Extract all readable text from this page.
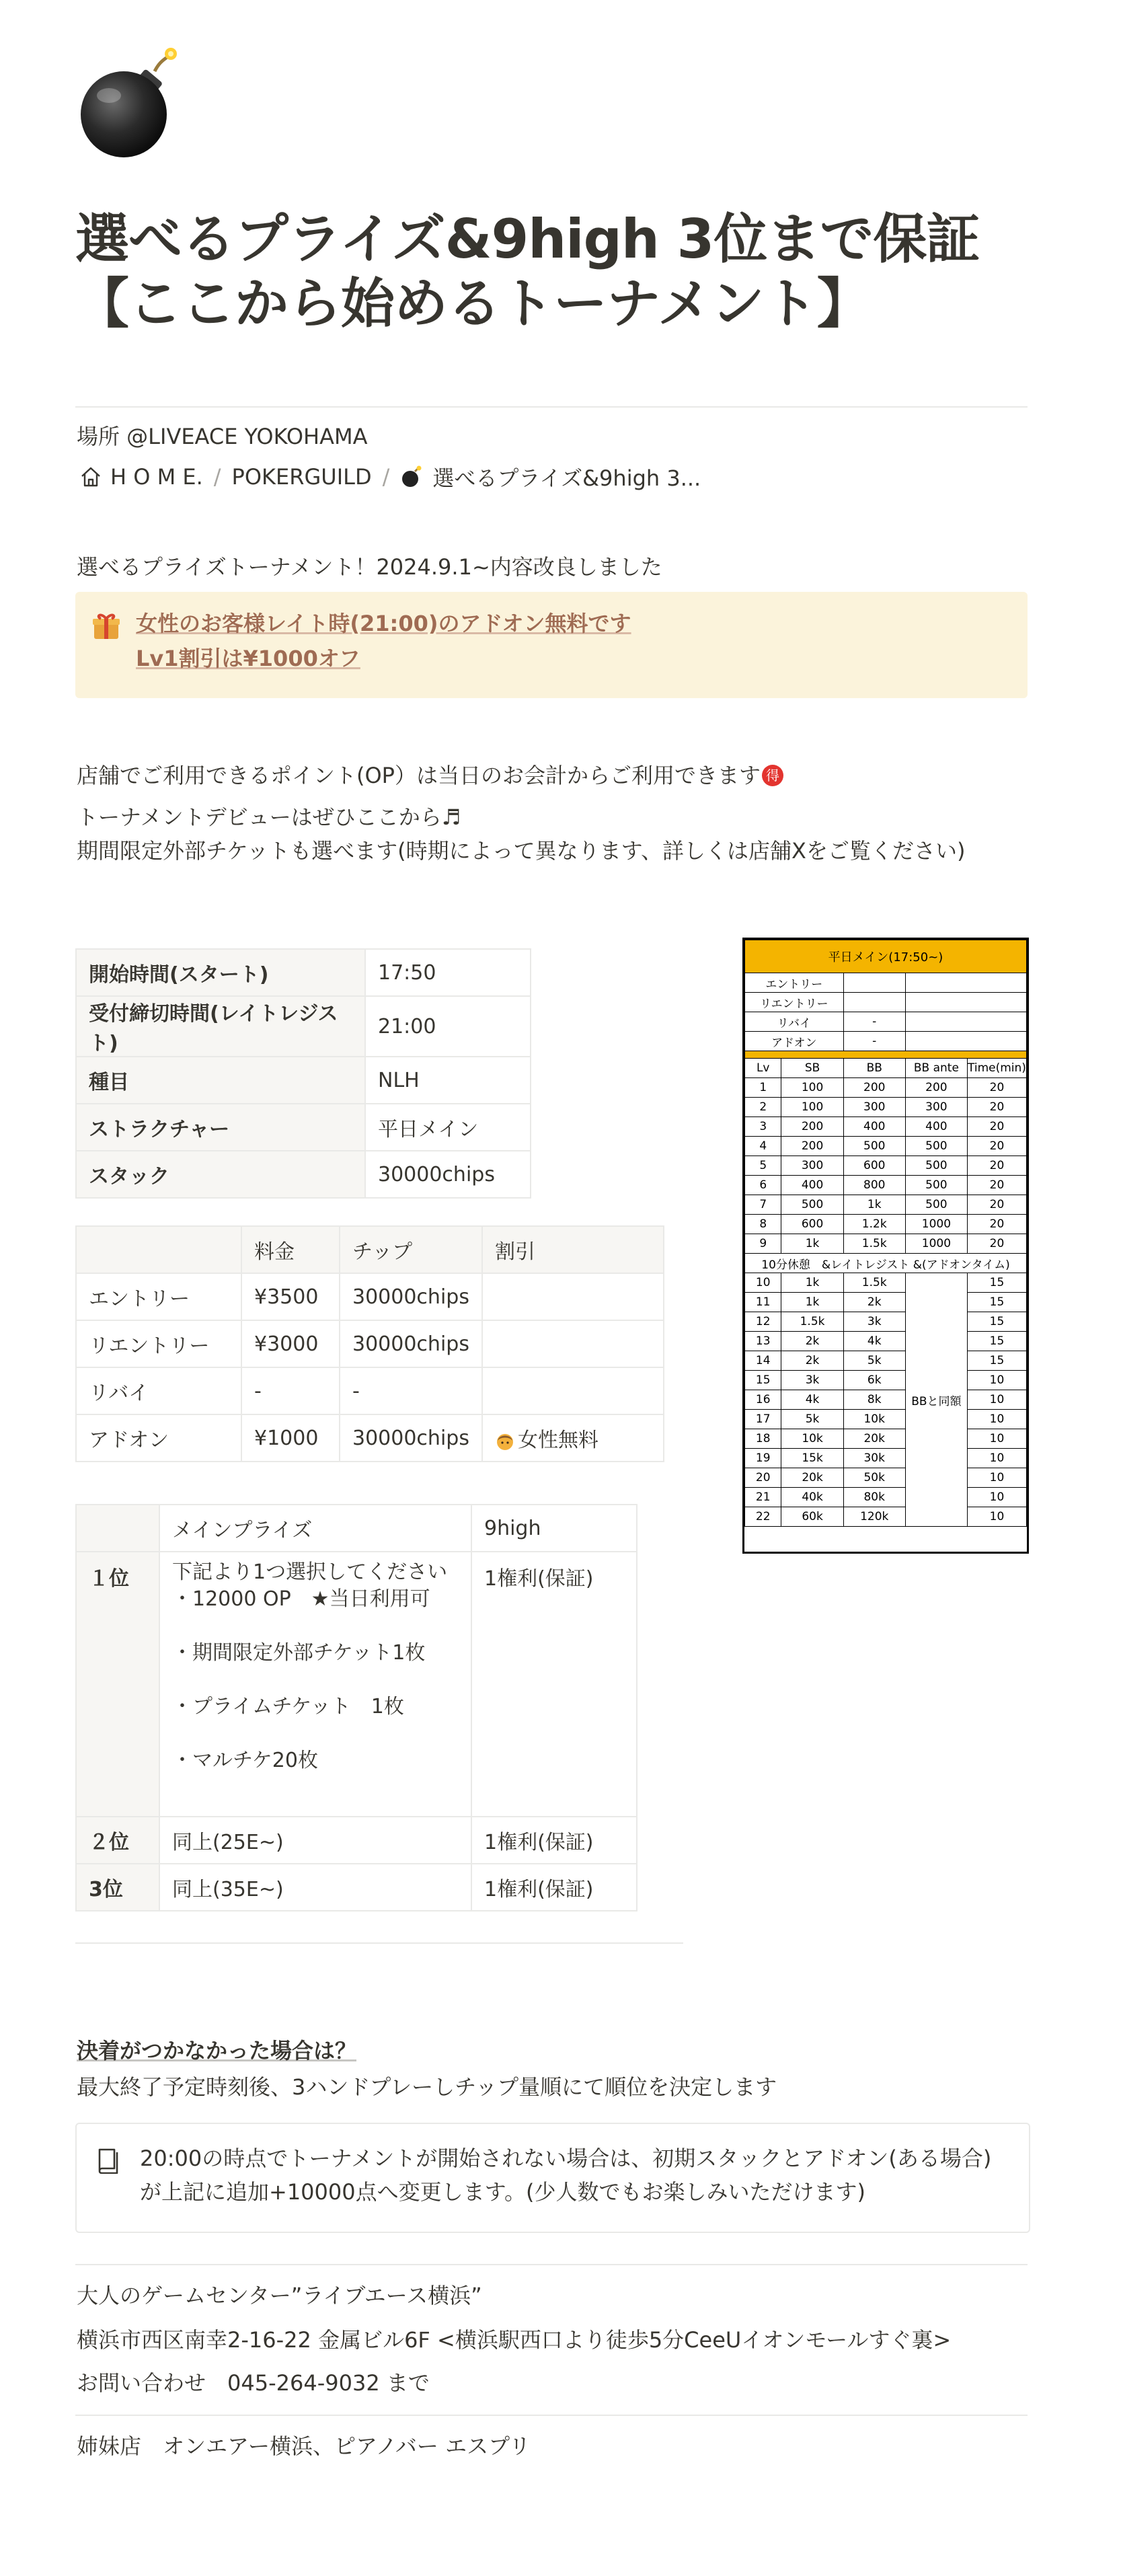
選べるプライズ&9high 3位まで保証
【ここから始めるトーナメント】
場所 @LIVEACE YOKOHAMA
H O M E. / POKERGUILD / 選べるプライズ&9high 3...
選べるプライズトーナメント！2024.9.1~内容改良しました
女性のお客様レイト時(21:00)のアドオン無料です
Lv1割引は¥1000オフ
店舗でご利用できるポイント(OP）は当日のお会計からご利用できます 得
トーナメントデビューはぜひここから♬
期間限定外部チケットも選べます(時期によって異なります、詳しくは店舗Xをご覧ください)
開始時間(スタート)	17:50
受付締切時間(レイトレジスト)	21:00
種目	NLH
ストラクチャー	平日メイン
スタック	30000chips
	料金	チップ	割引
エントリー	¥3500	30000chips	
リエントリー	¥3000	30000chips	
リバイ	-	-	
アドオン	¥1000	30000chips	女性無料
	メインプライズ	9high
１位	下記より1つ選択してください
・12000 OP　★当日利用可
・期間限定外部チケット1枚
・プライムチケット　1枚
・マルチケ20枚	1権利(保証)
２位	同上(25E~)	1権利(保証)
3位	同上(35E~)	1権利(保証)
平日メイン(17:50~)				
エントリー				
リエントリー				
リバイ		-		
アドオン		-		

Lv	SB	BB	BB ante	Time(min)
1	100	200	200	20
2	100	300	300	20
3	200	400	400	20
4	200	500	500	20
5	300	600	500	20
6	400	800	500	20
7	500	1k	500	20
8	600	1.2k	1000	20
9	1k	1.5k	1000	20
10分休憩　&レイトレジスト &(アドオンタイム)				
10	1k	1.5k	BBと同額	15
11	1k	2k		15
12	1.5k	3k		15
13	2k	4k		15
14	2k	5k		15
15	3k	6k		10
16	4k	8k		10
17	5k	10k		10
18	10k	20k		10
19	15k	30k		10
20	20k	50k		10
21	40k	80k		10
22	60k	120k		10
決着がつかなかった場合は？
最大終了予定時刻後、3ハンドプレーしチップ量順にて順位を決定します
20:00の時点でトーナメントが開始されない場合は、初期スタックとアドオン(ある場合)
が上記に追加+10000点へ変更します。(少人数でもお楽しみいただけます)
大人のゲームセンター”ライブエース横浜”
横浜市西区南幸2-16-22 金属ビル6F <横浜駅西口より徒歩5分CeeUイオンモールすぐ裏>
お問い合わせ　045-264-9032 まで
姉妹店　オンエアー横浜、ピアノバー エスプリ
